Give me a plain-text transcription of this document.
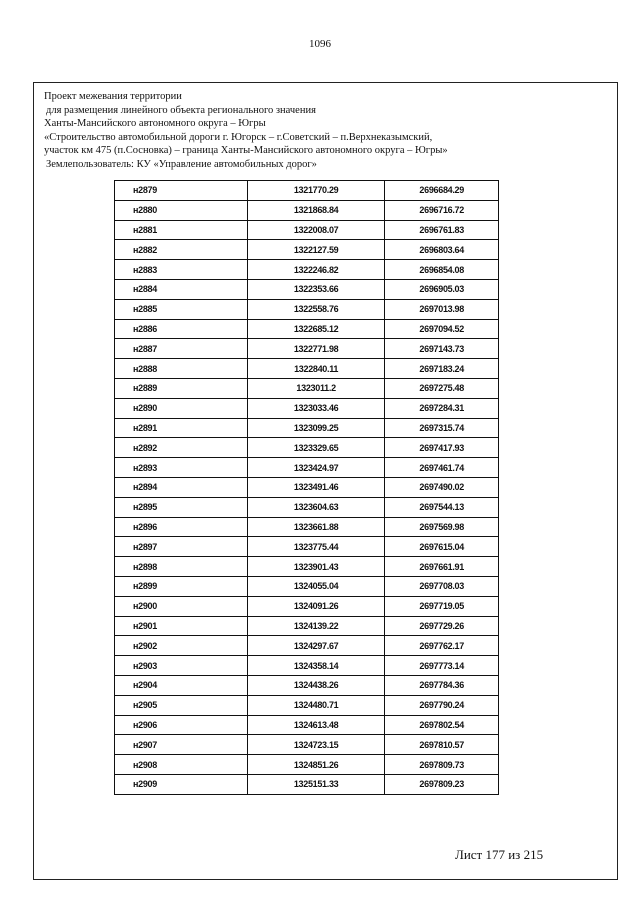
1096
Проект межевания территории
для размещения линейного объекта регионального значения
Ханты-Мансийского автономного округа – Югры
«Строительство автомобильной дороги г. Югорск – г.Советский – п.Верхнеказымский,
участок км 475 (п.Сосновка) – граница Ханты-Мансийского автономного округа – Югры»
Землепользователь: КУ «Управление автомобильных дорог»
н2879	1321770.29	2696684.29
н2880	1321868.84	2696716.72
н2881	1322008.07	2696761.83
н2882	1322127.59	2696803.64
н2883	1322246.82	2696854.08
н2884	1322353.66	2696905.03
н2885	1322558.76	2697013.98
н2886	1322685.12	2697094.52
н2887	1322771.98	2697143.73
н2888	1322840.11	2697183.24
н2889	1323011.2	2697275.48
н2890	1323033.46	2697284.31
н2891	1323099.25	2697315.74
н2892	1323329.65	2697417.93
н2893	1323424.97	2697461.74
н2894	1323491.46	2697490.02
н2895	1323604.63	2697544.13
н2896	1323661.88	2697569.98
н2897	1323775.44	2697615.04
н2898	1323901.43	2697661.91
н2899	1324055.04	2697708.03
н2900	1324091.26	2697719.05
н2901	1324139.22	2697729.26
н2902	1324297.67	2697762.17
н2903	1324358.14	2697773.14
н2904	1324438.26	2697784.36
н2905	1324480.71	2697790.24
н2906	1324613.48	2697802.54
н2907	1324723.15	2697810.57
н2908	1324851.26	2697809.73
н2909	1325151.33	2697809.23
Лист 177 из 215
